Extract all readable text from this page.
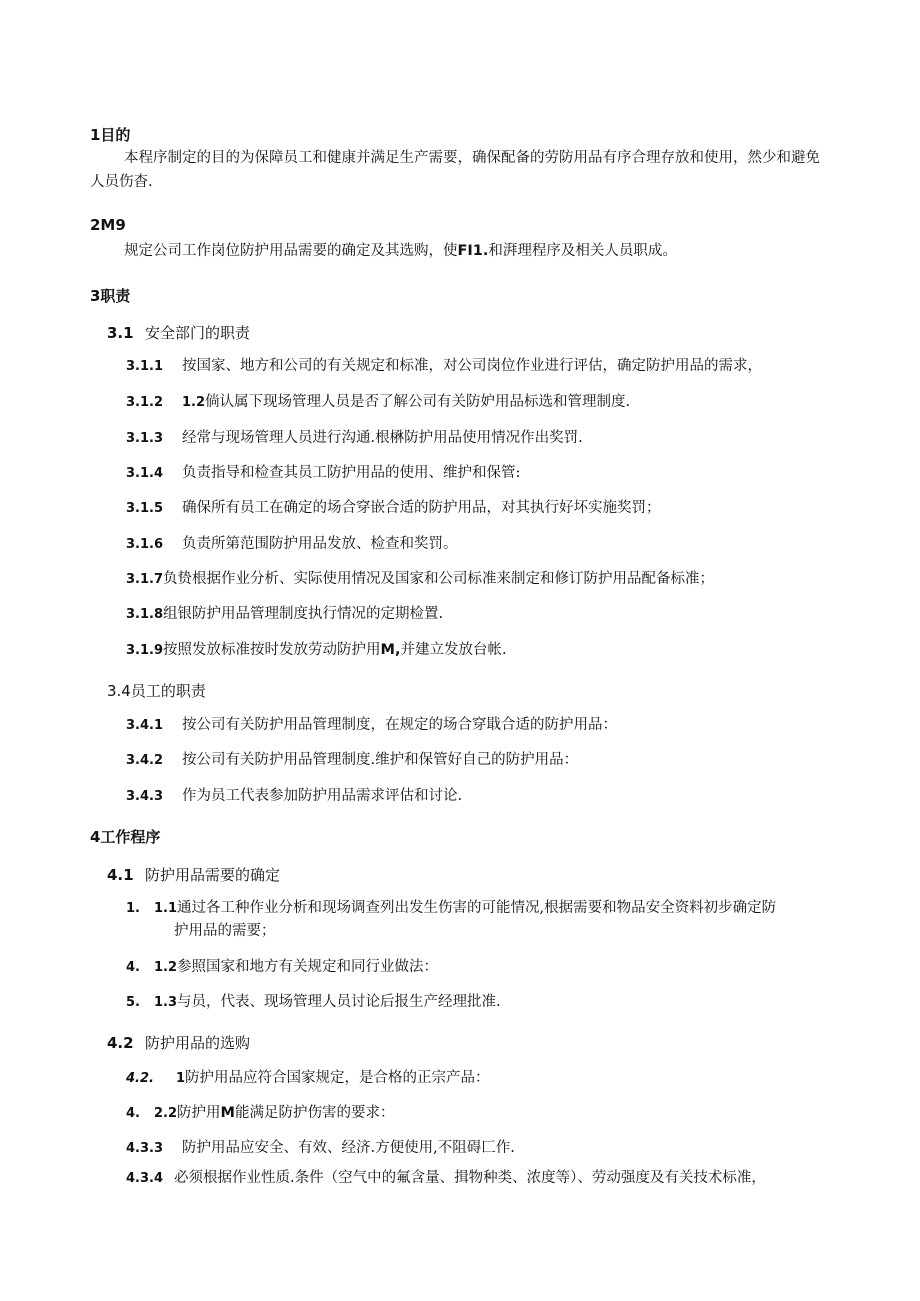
1目的
本程序制定的目的为保障员工和健康并满足生产需要，确保配备的劳防用品有序合理存放和使用，然少和避免人员伤杳.
2M9
规定公司工作岗位防护用品需要的确定及其选购，使FI1.和湃理程序及相关人员职成。
3职责
3.1 安全部门的职责
3.1.1 按国家、地方和公司的有关规定和标准，对公司岗位作业进行评估，确定防护用品的需求，
3.1.2 1.2倘认属下现场管理人员是否了解公司有关防妒用品标选和管理制度.
3.1.3 经常与现场管理人员进行沟通.根楙防护用品使用情况作出奖罚.
3.1.4 负责指导和检查其员工防护用品的使用、维护和保管:
3.1.5 确保所有员工在确定的场合穿嵌合适的防护用品，对其执行好坏实施奖罚；
3.1.6 负责所第范围防护用品发放、检查和奖罚。
3.1.7负贽根据作业分析、实际使用情况及国家和公司标准来制定和修订防护用品配备标准；
3.1.8组银防护用品管理制度执行情况的定期检置.
3.1.9按照发放标准按时发放劳动防护用M,并建立发放台帐.
3.4员工的职责
3.4.1 按公司有关防护用品管理制度，在规定的场合穿戢合适的防护用品：
3.4.2 按公司有关防护用品管理制度.维护和保管好自己的防护用品：
3.4.3 作为员工代表参加防护用品需求评估和讨论.
4工作程序
4.1 防护用品需要的确定
1. 1.1通过各工种作业分析和现场调查列出发生伤害的可能情况,根据需要和物品安全资料初步确定防
护用品的需要；
4. 1.2参照国家和地方有关规定和同行业做法：
5. 1.3与员，代表、现场管理人员讨论后报生产经理批准.
4.2 防护用品的选购
4.2. 1防护用品应符合国家规定，是合格的正宗产品：
4. 2.2防护用M能满足防护伤害的要求：
4.3.3 防护用品应安全、有效、经济.方便使用,不阻碍匚作.
4.3.4 必须根据作业性质.条件（空气中的氟含量、揖物种类、浓度等）、劳动强度及有关技术标准，
